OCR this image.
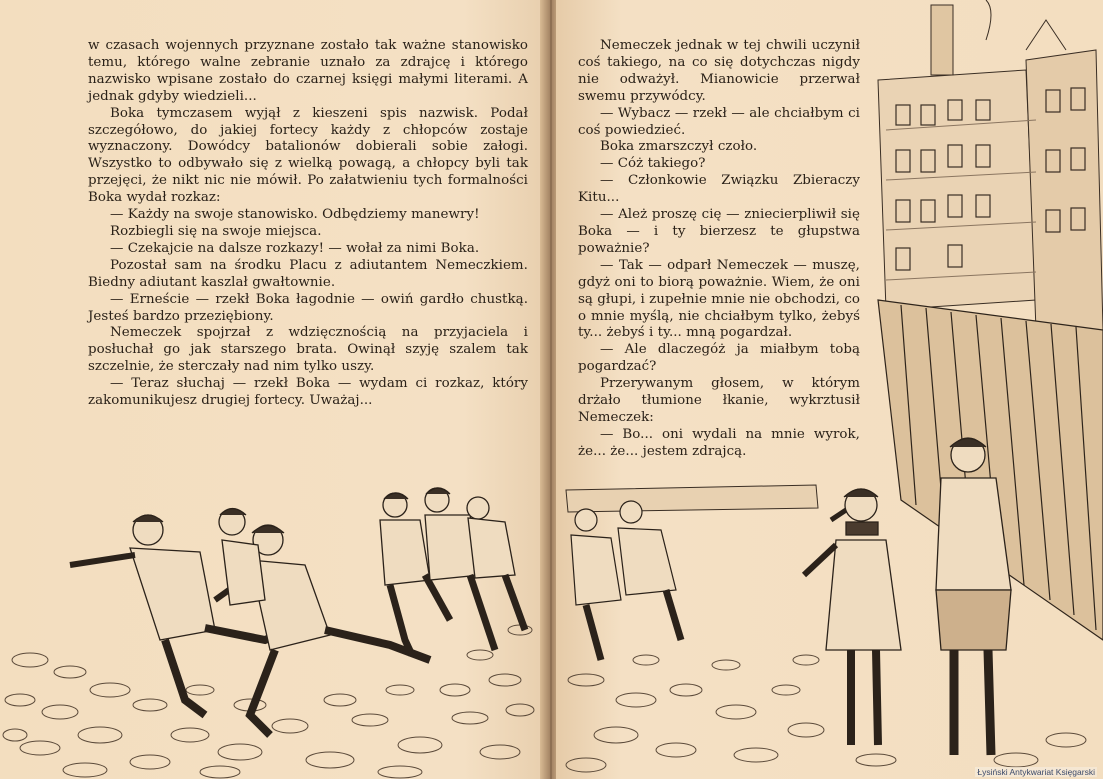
w czasach wojennych przyznane zostało tak ważne stanowisko temu, którego walne zebranie uznało za zdrajcę i którego nazwisko wpisane zostało do czarnej księgi małymi literami. A jednak gdyby wiedzieli...

Boka tymczasem wyjął z kieszeni spis nazwisk. Podał szczegółowo, do jakiej fortecy każdy z chłopców zostaje wyznaczony. Dowódcy batalionów dobierali sobie załogi. Wszystko to odbywało się z wielką powagą, a chłopcy byli tak przejęci, że nikt nic nie mówił. Po załatwieniu tych formalności Boka wydał rozkaz:

— Każdy na swoje stanowisko. Odbędziemy manewry!

Rozbiegli się na swoje miejsca.

— Czekajcie na dalsze rozkazy! — wołał za nimi Boka.

Pozostał sam na środku Placu z adiutantem Nemeczkiem. Biedny adiutant kaszlał gwałtownie.

— Erneście — rzekł Boka łagodnie — owiń gardło chustką. Jesteś bardzo przeziębiony.

Nemeczek spojrzał z wdzięcznością na przyjaciela i posłuchał go jak starszego brata. Owinął szyję szalem tak szczelnie, że sterczały nad nim tylko uszy.

— Teraz słuchaj — rzekł Boka — wydam ci rozkaz, który zakomunikujesz drugiej fortecy. Uważaj...

Nemeczek jednak w tej chwili uczynił coś takiego, na co się dotychczas nigdy nie odważył. Mianowicie przerwał swemu przywódcy.

— Wybacz — rzekł — ale chciałbym ci coś powiedzieć.

Boka zmarszczył czoło.

— Cóż takiego?

— Członkowie Związku Zbieraczy Kitu...

— Ależ proszę cię — zniecierpliwił się Boka — i ty bierzesz te głupstwa poważnie?

— Tak — odparł Nemeczek — muszę, gdyż oni to biorą poważnie. Wiem, że oni są głupi, i zupełnie mnie nie obchodzi, co o mnie myślą, nie chciałbym tylko, żebyś ty... żebyś i ty... mną pogardzał.

— Ale dlaczegóż ja miałbym tobą pogardzać?

Przerywanym głosem, w którym drżało tłumione łkanie, wykrztusił Nemeczek:

— Bo... oni wydali na mnie wyrok, że... że... jestem zdrajcą.

Łysiński Antykwariat Księgarski
